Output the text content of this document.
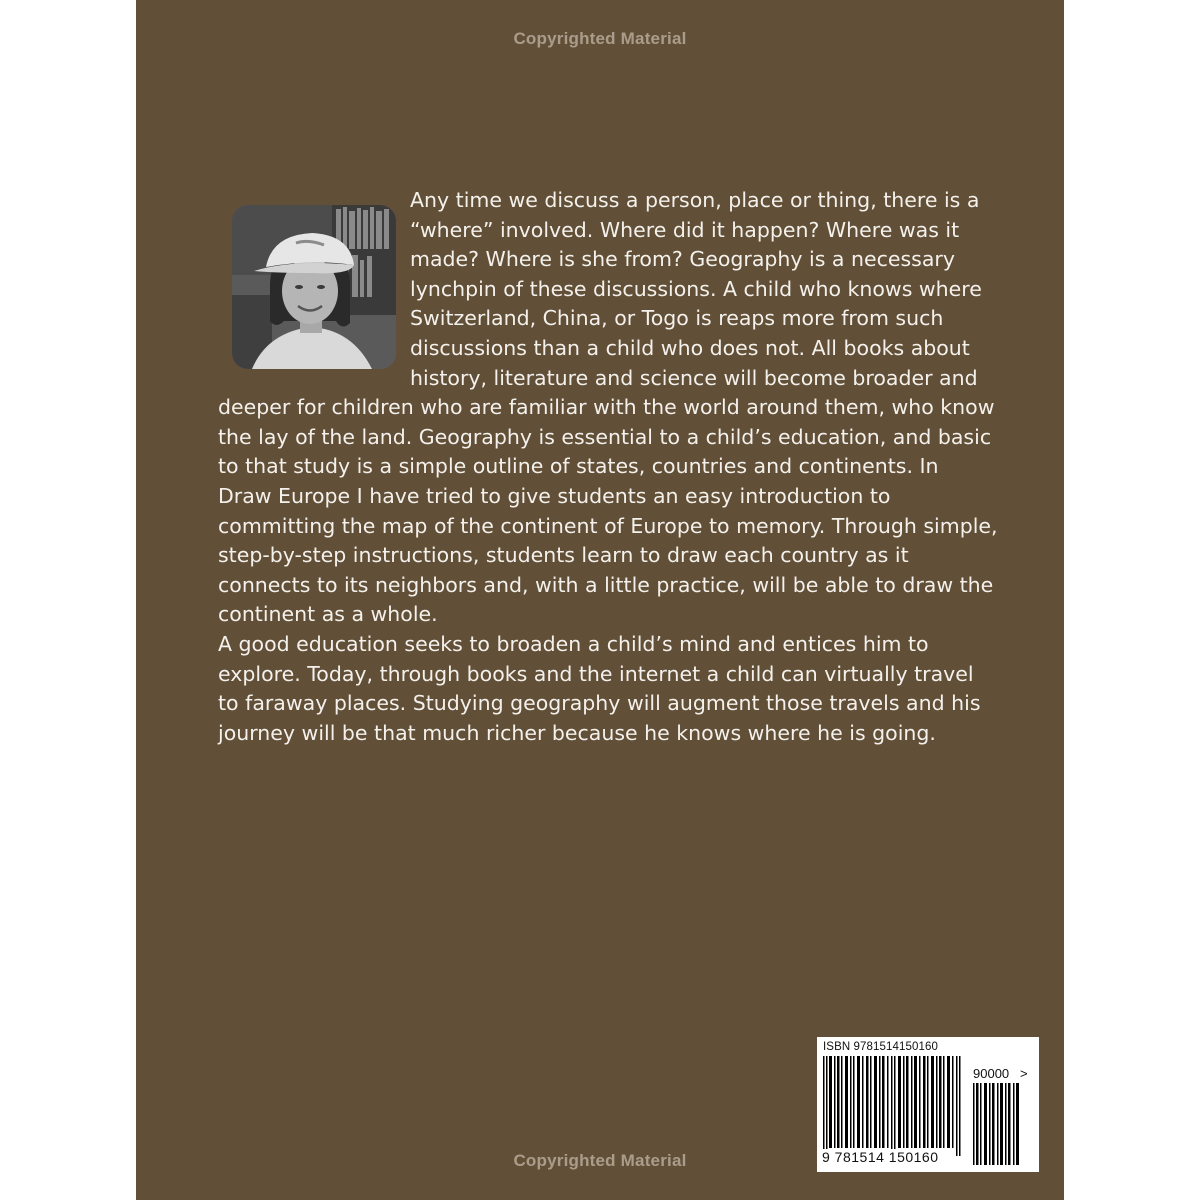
Copyrighted Material

Any time we discuss a person, place or thing, there is a “where” involved. Where did it happen? Where was it made? Where is she from? Geography is a necessary lynchpin of these discussions. A child who knows where Switzerland, China, or Togo is reaps more from such discussions than a child who does not. All books about history, literature and science will become broader and deeper for children who are familiar with the world around them, who know the lay of the land. Geography is essential to a child’s education, and basic to that study is a simple outline of states, countries and continents. In Draw Europe I have tried to give students an easy introduction to committing the map of the continent of Europe to memory. Through simple, step-by-step instructions, students learn to draw each country as it connects to its neighbors and, with a little practice, will be able to draw the continent as a whole.

A good education seeks to broaden a child’s mind and entices him to explore. Today, through books and the internet a child can virtually travel to faraway places. Studying geography will augment those travels and his journey will be that much richer because he knows where he is going.

ISBN 9781514150160
90000 >
9 781514 150160
Copyrighted Material
